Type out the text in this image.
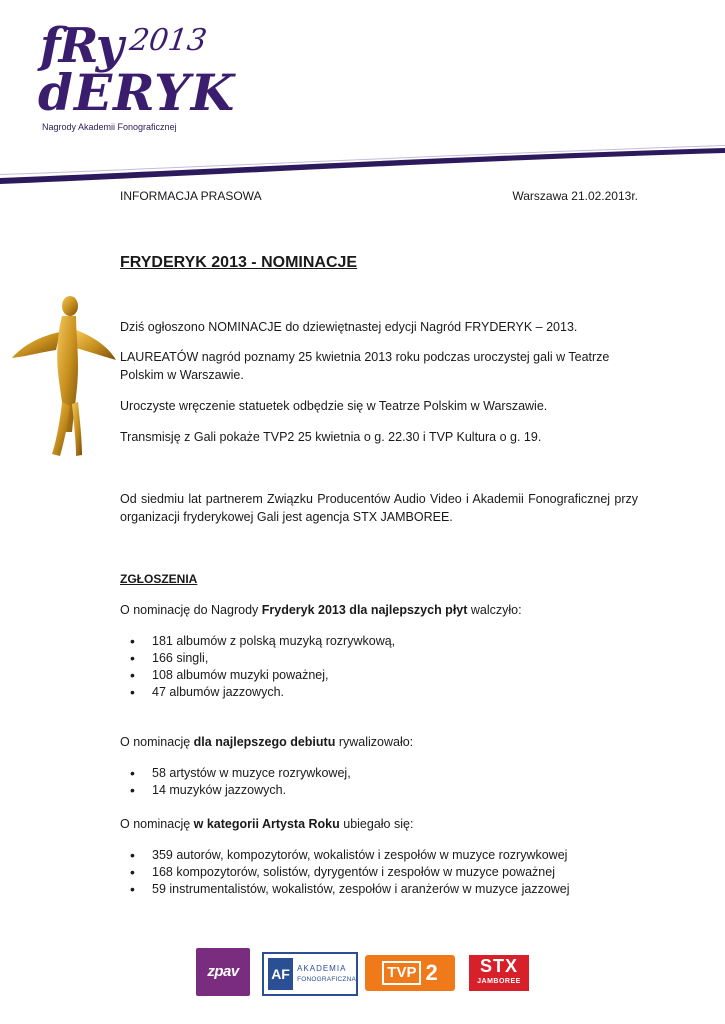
fRy 2013
dERYK
Nagrody Akademii Fonograficznej
INFORMACJA PRASOWA	Warszawa 21.02.2013r.
FRYDERYK 2013 - NOMINACJE

Dziś ogłoszono NOMINACJE do dziewiętnastej edycji Nagród FRYDERYK – 2013.

LAUREATÓW nagród poznamy 25 kwietnia 2013 roku podczas uroczystej gali w Teatrze Polskim w Warszawie.

Uroczyste wręczenie statuetek odbędzie się w Teatrze Polskim w Warszawie.

Transmisję z Gali pokaże TVP2 25 kwietnia o g. 22.30 i TVP Kultura o g. 19.

Od siedmiu lat partnerem Związku Producentów Audio Video i Akademii Fonograficznej przy organizacji fryderykowej Gali jest agencja STX JAMBOREE.

ZGŁOSZENIA

O nominację do Nagrody Fryderyk 2013 dla najlepszych płyt walczyło:

• 181 albumów z polską muzyką rozrywkową,
• 166 singli,
• 108 albumów muzyki poważnej,
• 47 albumów jazzowych.

O nominację dla najlepszego debiutu rywalizowało:

• 58 artystów w muzyce rozrywkowej,
• 14 muzyków jazzowych.

O nominację w kategorii Artysta Roku ubiegało się:

• 359 autorów, kompozytorów, wokalistów i zespołów w muzyce rozrywkowej
• 168 kompozytorów, solistów, dyrygentów i zespołów w muzyce poważnej
• 59 instrumentalistów, wokalistów, zespołów i aranżerów w muzyce jazzowej
zpav	AF AKADEMIA
FONOGRAFICZNA	TVP 2	STX
JAMBOREE
